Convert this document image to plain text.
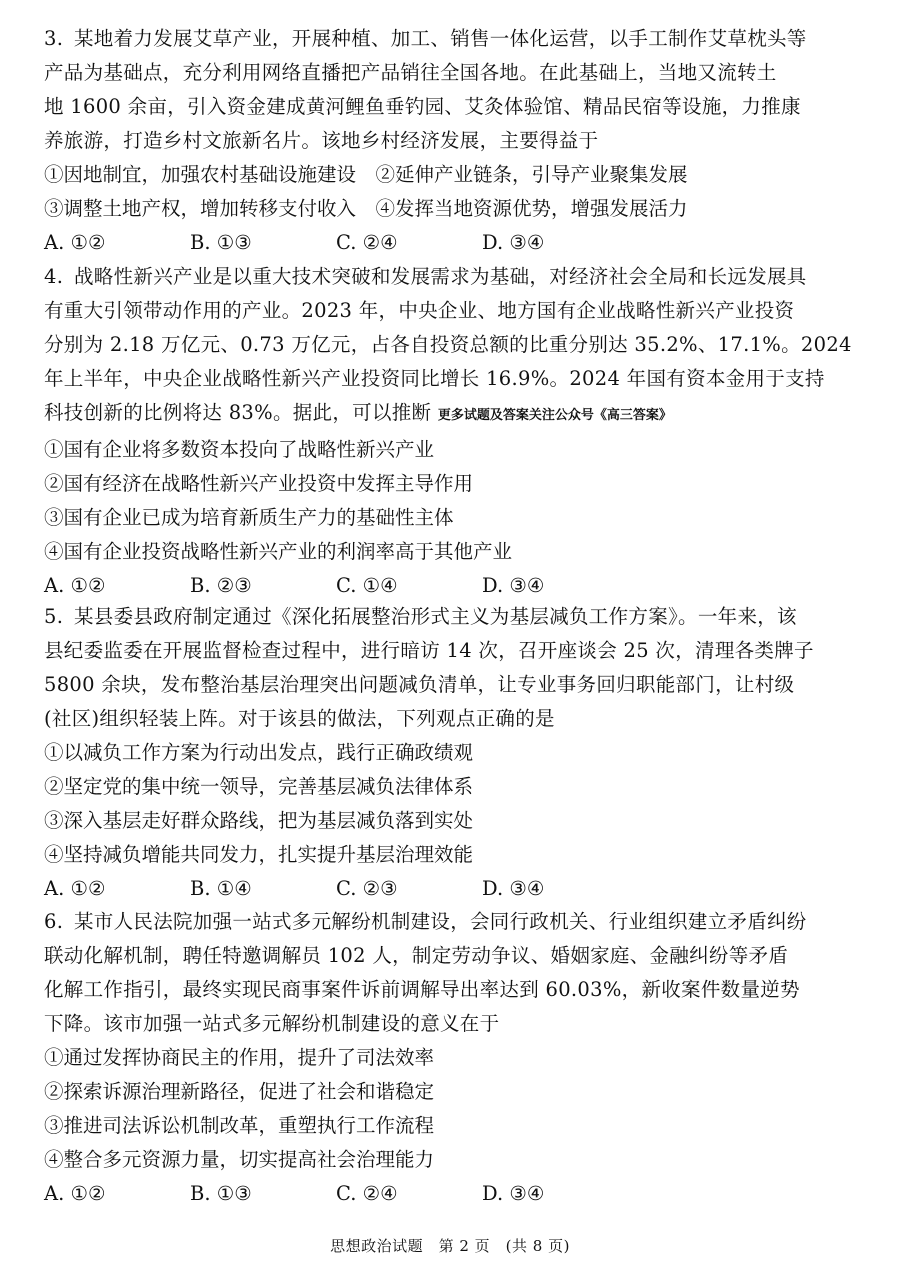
3. 某地着力发展艾草产业，开展种植、加工、销售一体化运营，以手工制作艾草枕头等
产品为基础点，充分利用网络直播把产品销往全国各地。在此基础上，当地又流转土
地 1600 余亩，引入资金建成黄河鲤鱼垂钓园、艾灸体验馆、精品民宿等设施，力推康
养旅游，打造乡村文旅新名片。该地乡村经济发展，主要得益于
①因地制宜，加强农村基础设施建设　②延伸产业链条，引导产业聚集发展
③调整土地产权，增加转移支付收入　④发挥当地资源优势，增强发展活力
A. ①②	B. ①③	C. ②④	D. ③④
4. 战略性新兴产业是以重大技术突破和发展需求为基础，对经济社会全局和长远发展具
有重大引领带动作用的产业。2023 年，中央企业、地方国有企业战略性新兴产业投资
分别为 2.18 万亿元、0.73 万亿元，占各自投资总额的比重分别达 35.2%、17.1%。2024
年上半年，中央企业战略性新兴产业投资同比增长 16.9%。2024 年国有资本金用于支持
科技创新的比例将达 83%。据此，可以推断 更多试题及答案关注公众号《高三答案》
①国有企业将多数资本投向了战略性新兴产业
②国有经济在战略性新兴产业投资中发挥主导作用
③国有企业已成为培育新质生产力的基础性主体
④国有企业投资战略性新兴产业的利润率高于其他产业
A. ①②	B. ②③	C. ①④	D. ③④
5. 某县委县政府制定通过《深化拓展整治形式主义为基层减负工作方案》。一年来，该
县纪委监委在开展监督检查过程中，进行暗访 14 次，召开座谈会 25 次，清理各类牌子
5800 余块，发布整治基层治理突出问题减负清单，让专业事务回归职能部门，让村级
(社区)组织轻装上阵。对于该县的做法，下列观点正确的是
①以减负工作方案为行动出发点，践行正确政绩观
②坚定党的集中统一领导，完善基层减负法律体系
③深入基层走好群众路线，把为基层减负落到实处
④坚持减负增能共同发力，扎实提升基层治理效能
A. ①②	B. ①④	C. ②③	D. ③④
6. 某市人民法院加强一站式多元解纷机制建设，会同行政机关、行业组织建立矛盾纠纷
联动化解机制，聘任特邀调解员 102 人，制定劳动争议、婚姻家庭、金融纠纷等矛盾
化解工作指引，最终实现民商事案件诉前调解导出率达到 60.03%，新收案件数量逆势
下降。该市加强一站式多元解纷机制建设的意义在于
①通过发挥协商民主的作用，提升了司法效率
②探索诉源治理新路径，促进了社会和谐稳定
③推进司法诉讼机制改革，重塑执行工作流程
④整合多元资源力量，切实提高社会治理能力
A. ①②	B. ①③	C. ②④	D. ③④
思想政治试题　第 2 页　(共 8 页)
